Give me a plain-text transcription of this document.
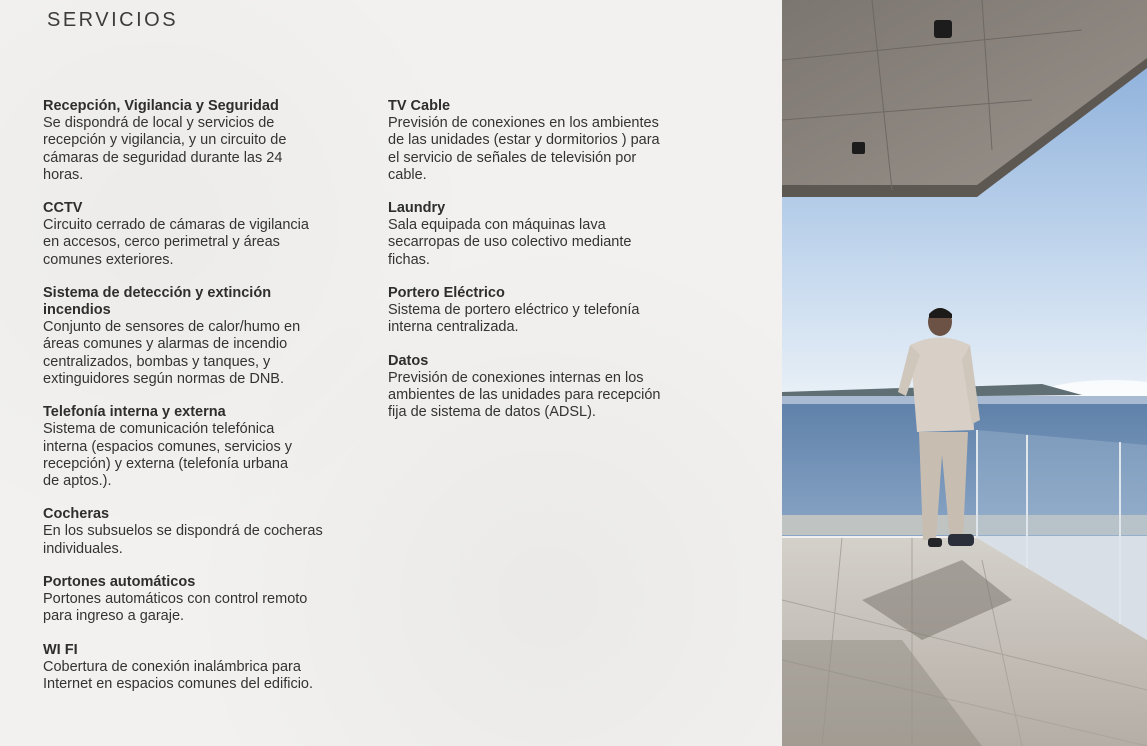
SERVICIOS

Recepción, Vigilancia y Seguridad

Se dispondrá de local y servicios de

recepción y vigilancia, y un circuito de

cámaras de seguridad durante las 24

horas.

CCTV

Circuito cerrado de cámaras de vigilancia

en accesos, cerco perimetral y áreas

comunes exteriores.

Sistema de detección y extinción incendios

Conjunto de sensores de calor/humo en

áreas comunes y alarmas de incendio

centralizados, bombas y tanques, y

extinguidores según normas de DNB.

Telefonía interna y externa

Sistema de comunicación telefónica

interna (espacios comunes, servicios y

recepción) y externa (telefonía urbana

de aptos.).

Cocheras

En los subsuelos se dispondrá de cocheras

individuales.

Portones automáticos

Portones automáticos con control remoto

para ingreso a garaje.

WI FI

Cobertura de conexión inalámbrica para

Internet en espacios comunes del edificio.

TV Cable

Previsión de conexiones en los ambientes

de las unidades (estar y dormitorios ) para

el servicio de señales de televisión por

cable.

Laundry

Sala equipada con máquinas lava

secarropas de uso colectivo mediante

fichas.

Portero Eléctrico

Sistema de portero eléctrico y telefonía

interna centralizada.

Datos

Previsión de conexiones internas en los

ambientes de las unidades para recepción

fija de sistema de datos (ADSL).
